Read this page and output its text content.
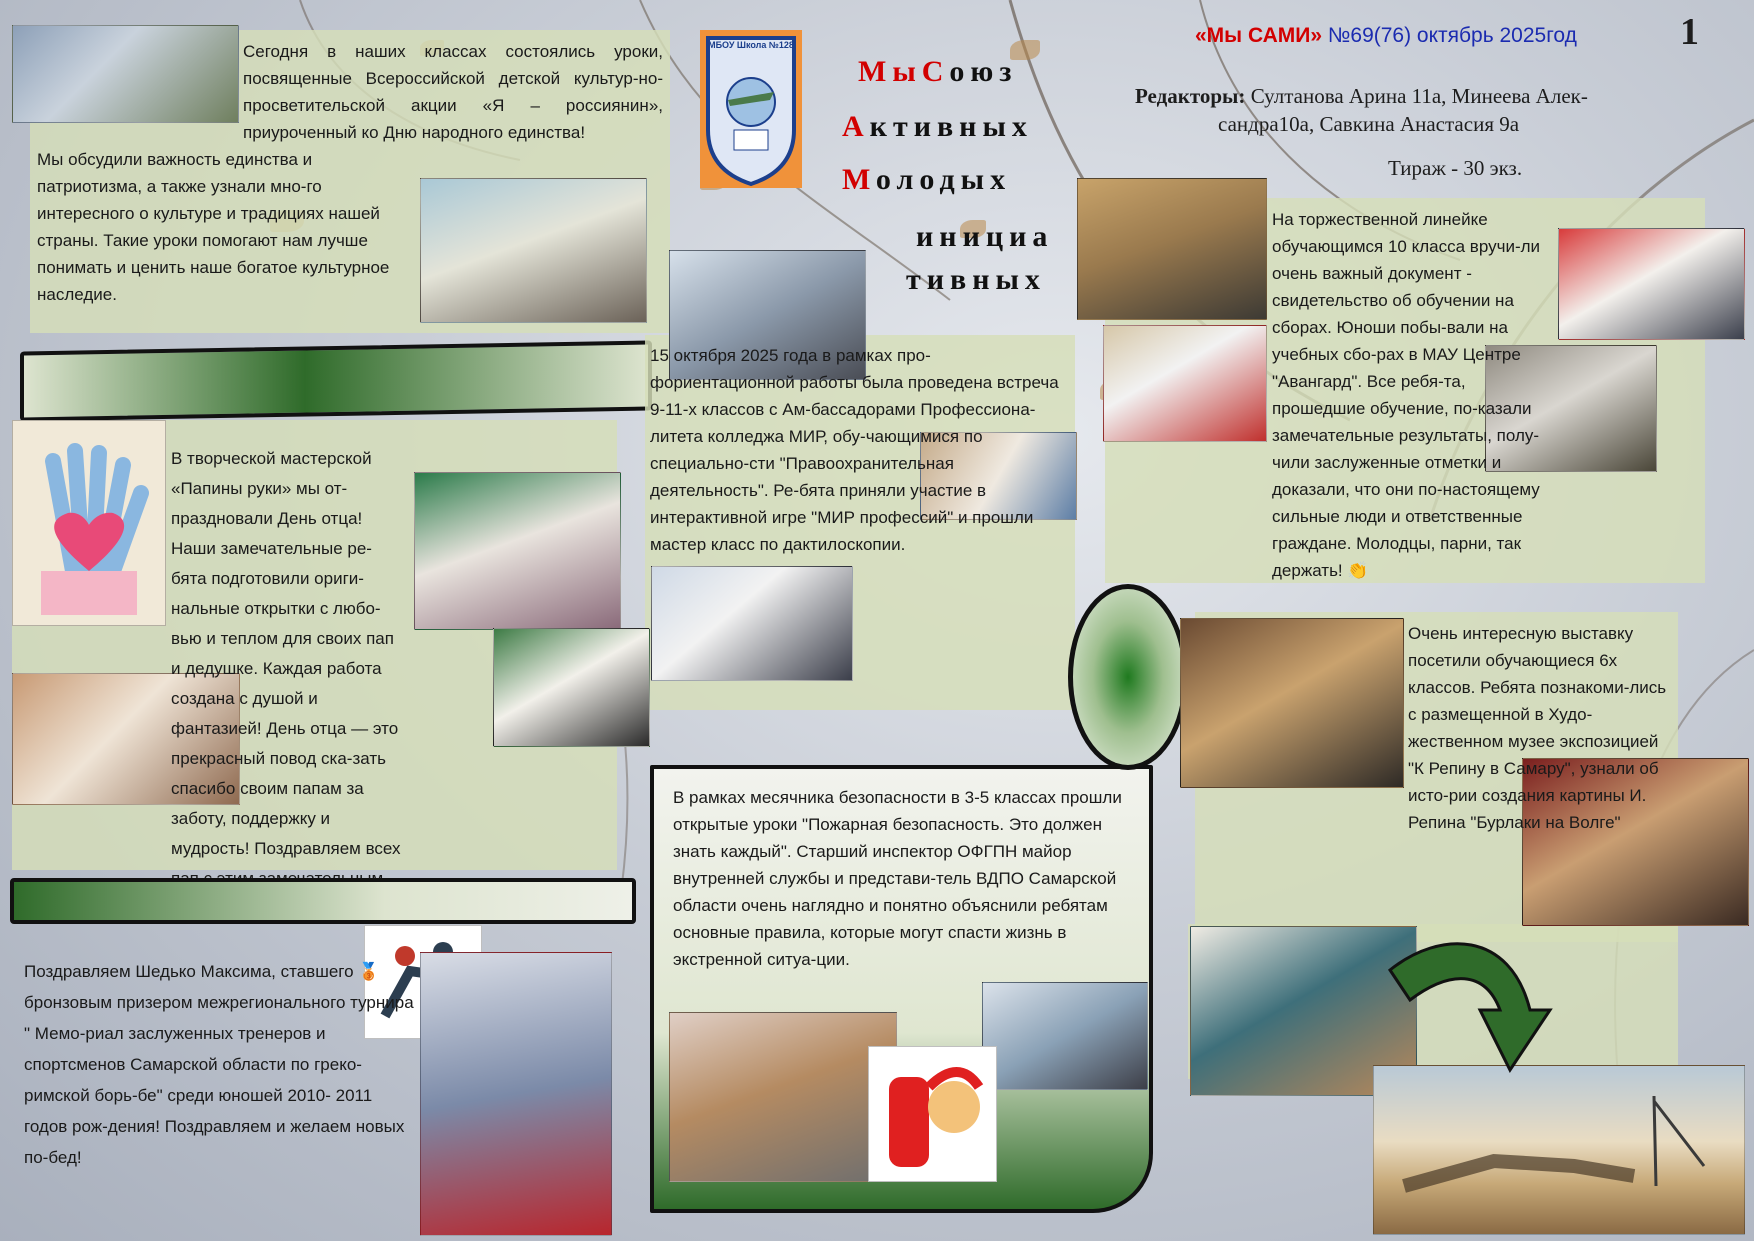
«Мы САМИ» №69(76) октябрь 2025год	1
Редакторы: Султанова Арина 11а, Минеева Алек-
сандра10а, Савкина Анастасия 9а
Тираж - 30 экз.
МБОУ Школа №128
МыСоюз
Активных
Молодых
инициа
тивных
Сегодня в наших классах состоялись уроки, посвященные Всероссийской детской культур-но-просветительской акции «Я – россиянин», приуроченный ко Дню народного единства!
Мы обсудили важность единства и патриотизма, а также узнали мно-го интересного о культуре и традициях нашей страны. Такие уроки помогают нам лучше понимать и ценить наше богатое культурное наследие.
15 октября 2025 года в рамках про-фориентационной работы была проведена встреча 9-11-х классов с Ам-бассадорами Профессиона-литета колледжа МИР, обу-чающимися по специально-сти "Правоохранительная деятельность". Ре-бята приняли участие в интерактивной игре "МИР профессий" и прошли мастер класс по дактилоскопии.
В творческой мастерской «Папины руки» мы от-праздновали День отца! Наши замечательные ре-бята подготовили ориги-нальные открытки с любо-вью и теплом для своих пап и дедушке. Каждая работа создана с душой и фантазией! День отца — это прекрасный повод ска-зать спасибо своим папам за заботу, поддержку и мудрость! Поздравляем всех
Поздравляем Шедько Максима, ставшего 🥉 бронзовым призером межрегионального турнира " Мемо-риал заслуженных тренеров и спортсменов Самарской области по греко-римской борь-бе" среди юношей 2010- 2011 годов рож-дения! Поздравляем и желаем новых по-бед!
В рамках месячника безопасности в 3-5 классах прошли открытые уроки "Пожарная безопасность. Это должен знать каждый". Старший инспектор ОФГПН майор внутренней службы и представи-тель ВДПО Самарской области очень наглядно и понятно объяснили ребятам основные правила, которые могут спасти жизнь в экстренной ситуа-ции.
На торжественной линейке обучающимся 10 класса вручи-ли очень важный документ - свидетельство об обучении на сборах. Юноши побы-вали на учебных сбо-рах в МАУ Центре "Авангард". Все ребя-та, прошедшие обучение, по-казали замечательные результаты, полу-чили заслуженные отметки и доказали, что они по-настоящему сильные люди и ответственные граждане. Молодцы, парни, так держать! 👏
Очень интересную выставку посетили обучающиеся 6х классов. Ребята познакоми-лись с размещенной в Худо-жественном музее экспозицией "К Репину в Самару", узнали об исто-рии создания картины И. Репина "Бурлаки на Волге"
